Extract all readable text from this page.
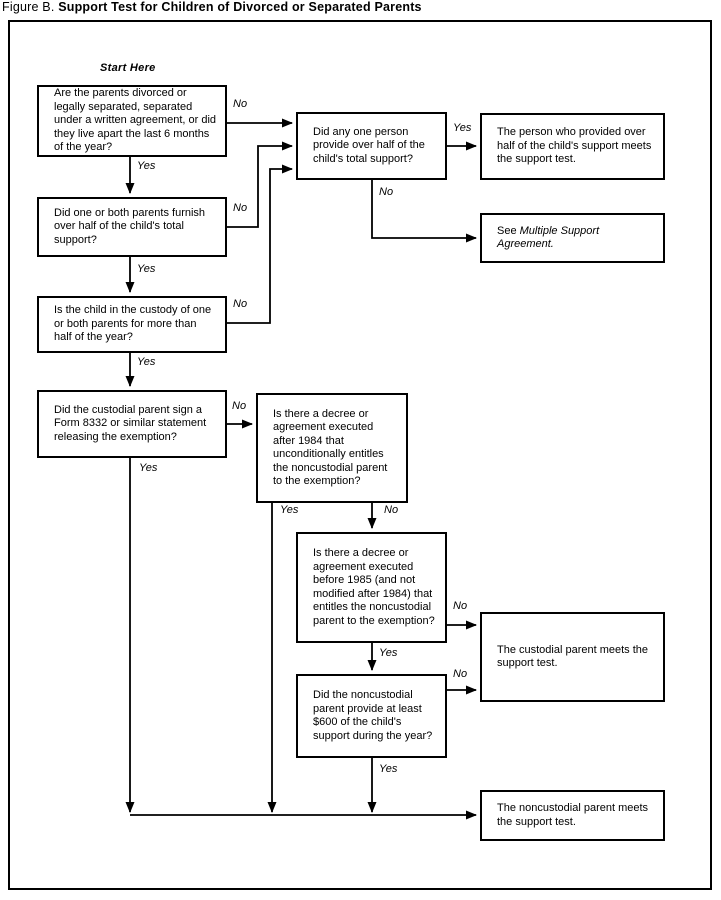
Figure B. Support Test for Children of Divorced or Separated Parents
Start Here
Are the parents divorced or legally separated, separated under a written agreement, or did they live apart the last 6 months of the year?
Did one or both parents furnish over half of the child's total support?
Is the child in the custody of one or both parents for more than half of the year?
Did the custodial parent sign a Form 8332 or similar statement releasing the exemption?
Did any one person provide over half of the child's total support?
The person who provided over half of the child's support meets the support test.
See Multiple Support Agreement.
Is there a decree or agreement executed after 1984 that unconditionally entitles the noncustodial parent to the exemption?
Is there a decree or agreement executed before 1985 (and not modified after 1984) that entitles the noncustodial parent to the exemption?
Did the noncustodial parent provide at least $600 of the child's support during the year?
The custodial parent meets the support test.
The noncustodial parent meets the support test.
No
Yes
No
Yes
No
Yes
No
Yes
Yes
No
Yes	No
No
Yes
No
Yes
